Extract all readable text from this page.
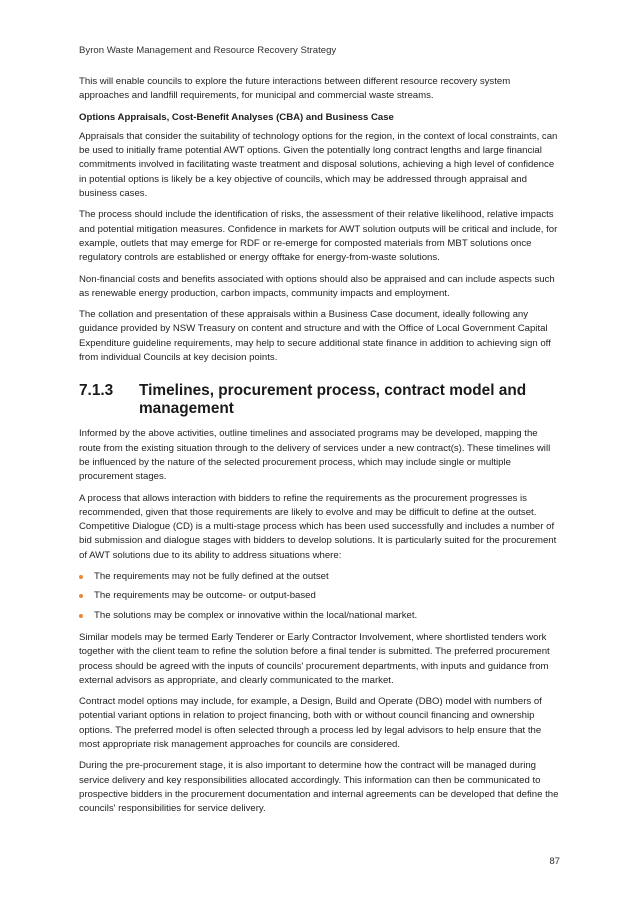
Byron Waste Management and Resource Recovery Strategy

This will enable councils to explore the future interactions between different resource recovery system approaches and landfill requirements, for municipal and commercial waste streams.

Options Appraisals, Cost-Benefit Analyses (CBA) and Business Case

Appraisals that consider the suitability of technology options for the region, in the context of local constraints, can be used to initially frame potential AWT options. Given the potentially long contract lengths and large financial commitments involved in facilitating waste treatment and disposal solutions, achieving a high level of confidence in potential options is likely be a key objective of councils, which may be addressed through appraisal and business cases.

The process should include the identification of risks, the assessment of their relative likelihood, relative impacts and potential mitigation measures. Confidence in markets for AWT solution outputs will be critical and include, for example, outlets that may emerge for RDF or re-emerge for composted materials from MBT solutions once regulatory controls are established or energy offtake for energy-from-waste solutions.

Non-financial costs and benefits associated with options should also be appraised and can include aspects such as renewable energy production, carbon impacts, community impacts and employment.

The collation and presentation of these appraisals within a Business Case document, ideally following any guidance provided by NSW Treasury on content and structure and with the Office of Local Government Capital Expenditure guideline requirements, may help to secure additional state finance in addition to achieving sign off from individual Councils at key decision points.

7.1.3	Timelines, procurement process, contract model and management

Informed by the above activities, outline timelines and associated programs may be developed, mapping the route from the existing situation through to the delivery of services under a new contract(s). These timelines will be influenced by the nature of the selected procurement process, which may include single or multiple procurement stages.

A process that allows interaction with bidders to refine the requirements as the procurement progresses is recommended, given that those requirements are likely to evolve and may be difficult to define at the outset. Competitive Dialogue (CD) is a multi-stage process which has been used successfully and includes a number of bid submission and dialogue stages with bidders to develop solutions. It is particularly suited for the procurement of AWT solutions due to its ability to address situations where:

The requirements may not be fully defined at the outset
The requirements may be outcome- or output-based
The solutions may be complex or innovative within the local/national market.

Similar models may be termed Early Tenderer or Early Contractor Involvement, where shortlisted tenders work together with the client team to refine the solution before a final tender is submitted. The preferred procurement process should be agreed with the inputs of councils' procurement departments, with inputs and guidance from external advisors as appropriate, and clearly communicated to the market.

Contract model options may include, for example, a Design, Build and Operate (DBO) model with numbers of potential variant options in relation to project financing, both with or without council financing and ownership options. The preferred model is often selected through a process led by legal advisors to help ensure that the most appropriate risk management approaches for councils are considered.

During the pre-procurement stage, it is also important to determine how the contract will be managed during service delivery and key responsibilities allocated accordingly. This information can then be communicated to prospective bidders in the procurement documentation and internal agreements can be developed that define the councils' responsibilities for service delivery.

87
